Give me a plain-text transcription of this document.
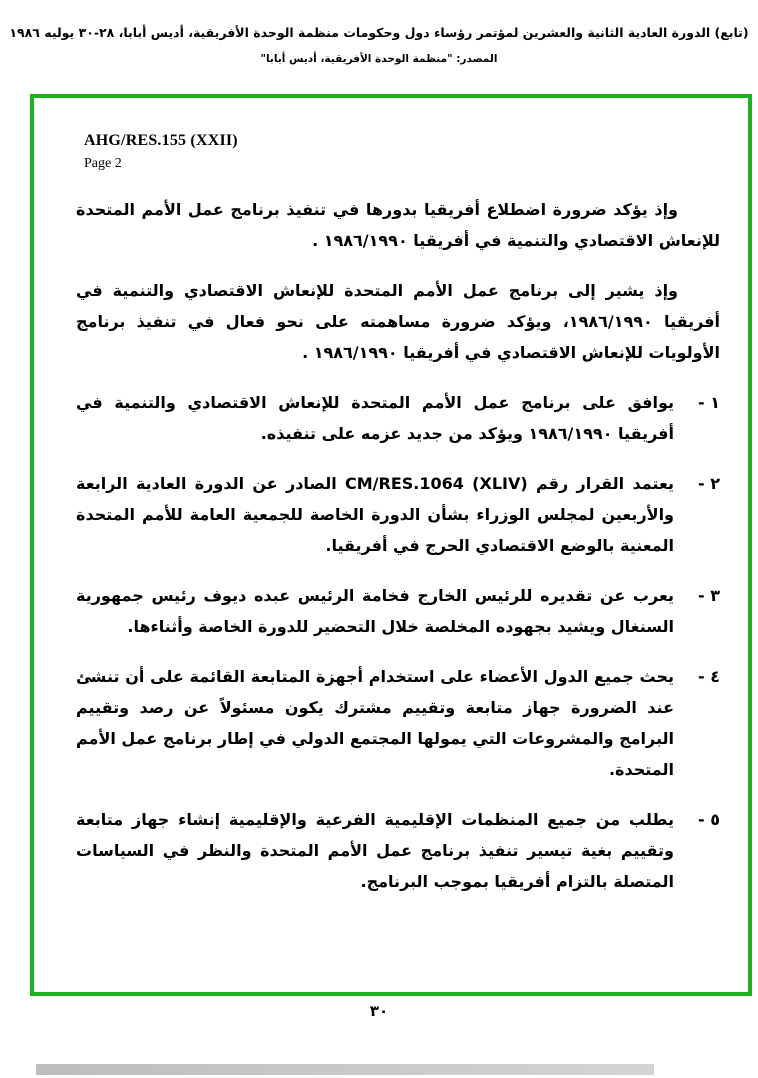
(تابع) الدورة العادية الثانية والعشرين لمؤتمر رؤساء دول وحكومات منظمة الوحدة الأفريقية، أديس أبابا، ٢٨-٣٠ يوليه ١٩٨٦
المصدر: "منظمة الوحدة الأفريقية، أديس أبابا"
AHG/RES.155 (XXII)
Page 2

وإذ يؤكد ضرورة اضطلاع أفريقيا بدورها في تنفيذ برنامج عمل الأمم المتحدة للإنعاش الاقتصادي والتنمية في أفريقيا ١٩٨٦/١٩٩٠ .

وإذ يشير إلى برنامج عمل الأمم المتحدة للإنعاش الاقتصادي والتنمية في أفريقيا ١٩٨٦/١٩٩٠، ويؤكد ضرورة مساهمته على نحو فعال في تنفيذ برنامج الأولويات للإنعاش الاقتصادي في أفريقيا ١٩٨٦/١٩٩٠ .

١ -
يوافق على برنامج عمل الأمم المتحدة للإنعاش الاقتصادي والتنمية في أفريقيا ١٩٨٦/١٩٩٠ ويؤكد من جديد عزمه على تنفيذه.
٢ -
يعتمد القرار رقم CM/RES.1064 (XLIV) الصادر عن الدورة العادية الرابعة والأربعين لمجلس الوزراء بشأن الدورة الخاصة للجمعية العامة للأمم المتحدة المعنية بالوضع الاقتصادي الحرج في أفريقيا.
٣ -
يعرب عن تقديره للرئيس الخارج فخامة الرئيس عبده ديوف رئيس جمهورية السنغال ويشيد بجهوده المخلصة خلال التحضير للدورة الخاصة وأثناءها.
٤ -
يحث جميع الدول الأعضاء على استخدام أجهزة المتابعة القائمة على أن تنشئ عند الضرورة جهاز متابعة وتقييم مشترك يكون مسئولاً عن رصد وتقييم البرامج والمشروعات التي يمولها المجتمع الدولي في إطار برنامج عمل الأمم المتحدة.
٥ -
يطلب من جميع المنظمات الإقليمية الفرعية والإقليمية إنشاء جهاز متابعة وتقييم بغية تيسير تنفيذ برنامج عمل الأمم المتحدة والنظر في السياسات المتصلة بالتزام أفريقيا بموجب البرنامج.
٣٠
